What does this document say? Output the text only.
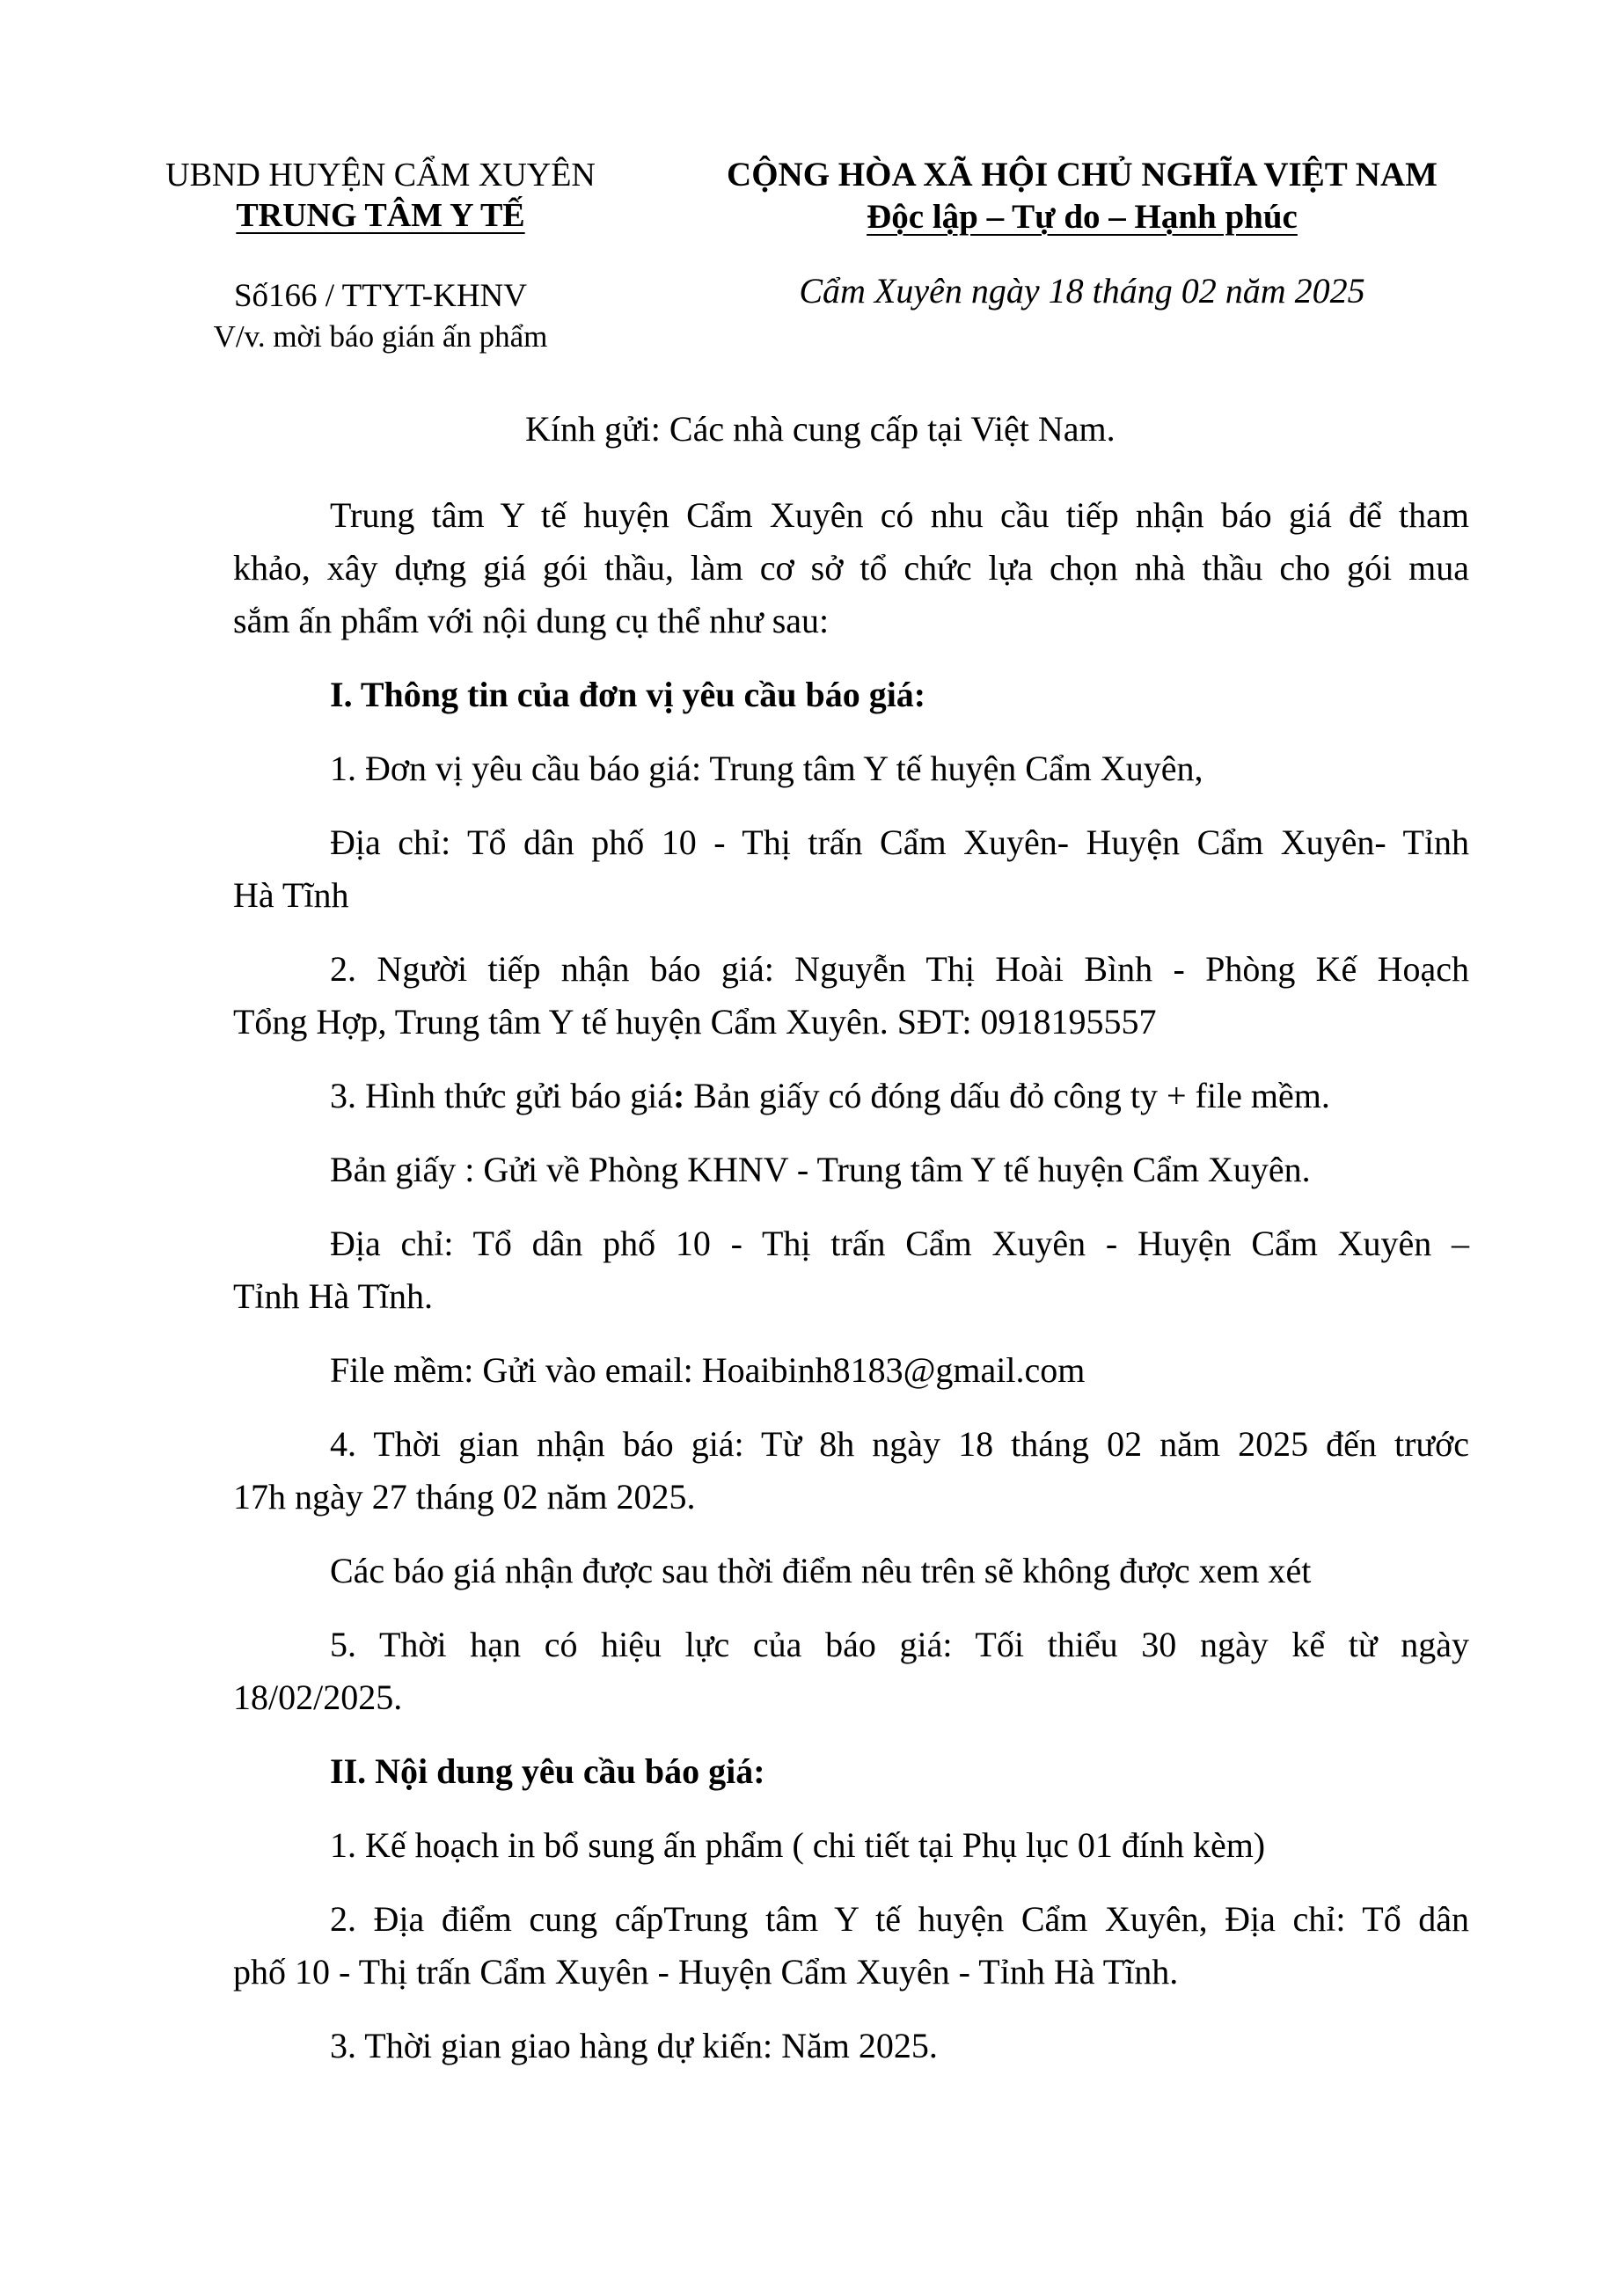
UBND HUYỆN CẨM XUYÊN
TRUNG TÂM Y TẾ
Số166 / TTYT-KHNV
V/v. mời báo gián ấn phẩm
CỘNG HÒA XÃ HỘI CHỦ NGHĨA VIỆT NAM
Độc lập – Tự do – Hạnh phúc
Cẩm Xuyên ngày 18 tháng 02 năm 2025
Kính gửi: Các nhà cung cấp tại Việt Nam.
Trung tâm Y tế huyện Cẩm Xuyên có nhu cầu tiếp nhận báo giá để tham
khảo, xây dựng giá gói thầu, làm cơ sở tổ chức lựa chọn nhà thầu cho gói mua
sắm ấn phẩm với nội dung cụ thể như sau:
I. Thông tin của đơn vị yêu cầu báo giá:
1. Đơn vị yêu cầu báo giá: Trung tâm Y tế huyện Cẩm Xuyên,
Địa chỉ: Tổ dân phố 10 - Thị trấn Cẩm Xuyên- Huyện Cẩm Xuyên- Tỉnh
Hà Tĩnh
2. Người tiếp nhận báo giá: Nguyễn Thị Hoài Bình - Phòng Kế Hoạch
Tổng Hợp, Trung tâm Y tế huyện Cẩm Xuyên. SĐT: 0918195557
3. Hình thức gửi báo giá: Bản giấy có đóng dấu đỏ công ty + file mềm.
Bản giấy : Gửi về Phòng KHNV - Trung tâm Y tế huyện Cẩm Xuyên.
Địa chỉ: Tổ dân phố 10 - Thị trấn Cẩm Xuyên - Huyện Cẩm Xuyên –
Tỉnh Hà Tĩnh.
File mềm: Gửi vào email: Hoaibinh8183@gmail.com
4. Thời gian nhận báo giá: Từ 8h ngày 18 tháng 02 năm 2025 đến trước
17h ngày 27 tháng 02 năm 2025.
Các báo giá nhận được sau thời điểm nêu trên sẽ không được xem xét
5. Thời hạn có hiệu lực của báo giá: Tối thiểu 30 ngày kể từ ngày
18/02/2025.
II. Nội dung yêu cầu báo giá:
1. Kế hoạch in bổ sung ấn phẩm ( chi tiết tại Phụ lục 01 đính kèm)
2. Địa điểm cung cấpTrung tâm Y tế huyện Cẩm Xuyên, Địa chỉ: Tổ dân
phố 10 - Thị trấn Cẩm Xuyên - Huyện Cẩm Xuyên - Tỉnh Hà Tĩnh.
3. Thời gian giao hàng dự kiến: Năm 2025.
